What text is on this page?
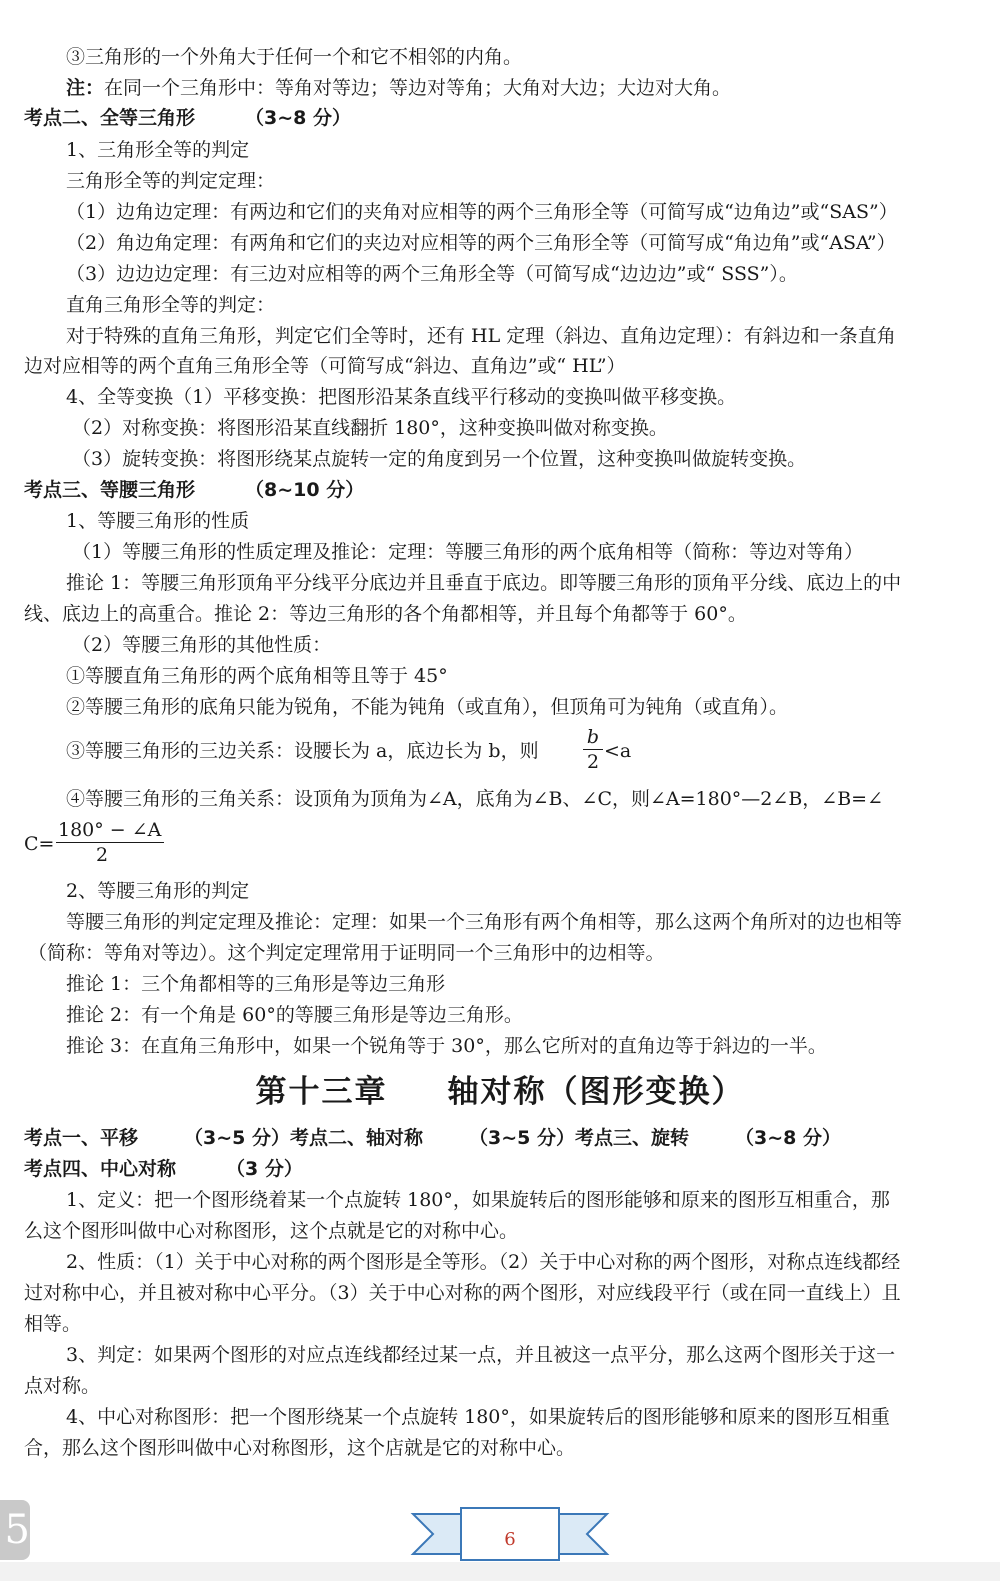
③三角形的一个外角大于任何一个和它不相邻的内角。
注：在同一个三角形中：等角对等边；等边对等角；大角对大边；大边对大角。
考点二、全等三角形	（3~8 分）
1、三角形全等的判定
三角形全等的判定定理：
（1）边角边定理：有两边和它们的夹角对应相等的两个三角形全等（可简写成“边角边”或“SAS”）
（2）角边角定理：有两角和它们的夹边对应相等的两个三角形全等（可简写成“角边角”或“ASA”）
（3）边边边定理：有三边对应相等的两个三角形全等（可简写成“边边边”或“ SSS”）。
直角三角形全等的判定：
对于特殊的直角三角形，判定它们全等时，还有 HL 定理（斜边、直角边定理）：有斜边和一条直角
边对应相等的两个直角三角形全等（可简写成“斜边、直角边”或“ HL”）
4、全等变换（1）平移变换：把图形沿某条直线平行移动的变换叫做平移变换。
（2）对称变换：将图形沿某直线翻折 180°，这种变换叫做对称变换。
（3）旋转变换：将图形绕某点旋转一定的角度到另一个位置，这种变换叫做旋转变换。
考点三、等腰三角形	（8~10 分）
1、等腰三角形的性质
（1）等腰三角形的性质定理及推论：定理：等腰三角形的两个底角相等（简称：等边对等角）
推论 1：等腰三角形顶角平分线平分底边并且垂直于底边。即等腰三角形的顶角平分线、底边上的中
线、底边上的高重合。推论 2：等边三角形的各个角都相等，并且每个角都等于 60°。
（2）等腰三角形的其他性质：
①等腰直角三角形的两个底角相等且等于 45°
②等腰三角形的底角只能为锐角，不能为钝角（或直角），但顶角可为钝角（或直角）。
③等腰三角形的三边关系：设腰长为 a，底边长为 b，则 $\frac{b}{2} <a$
④等腰三角形的三角关系：设顶角为顶角为∠A，底角为∠B、∠C，则∠A=180°—2∠B，∠B=∠
$C= \frac{180^\circ - \angle A}{2}$
2、等腰三角形的判定
等腰三角形的判定定理及推论：定理：如果一个三角形有两个角相等，那么这两个角所对的边也相等
（简称：等角对等边）。这个判定定理常用于证明同一个三角形中的边相等。
推论 1：三个角都相等的三角形是等边三角形
推论 2：有一个角是 60°的等腰三角形是等边三角形。
推论 3：在直角三角形中，如果一个锐角等于 30°，那么它所对的直角边等于斜边的一半。
第十三章 轴对称（图形变换）
考点一、平移 （3~5 分）考点二、轴对称 （3~5 分）考点三、旋转 （3~8 分）
考点四、中心对称	（3 分）
1、定义：把一个图形绕着某一个点旋转 180°，如果旋转后的图形能够和原来的图形互相重合，那
么这个图形叫做中心对称图形，这个点就是它的对称中心。
2、性质：（1）关于中心对称的两个图形是全等形。（2）关于中心对称的两个图形，对称点连线都经
过对称中心，并且被对称中心平分。（3）关于中心对称的两个图形，对应线段平行（或在同一直线上）且
相等。
3、判定：如果两个图形的对应点连线都经过某一点，并且被这一点平分，那么这两个图形关于这一
点对称。
4、中心对称图形：把一个图形绕某一个点旋转 180°，如果旋转后的图形能够和原来的图形互相重
合，那么这个图形叫做中心对称图形，这个店就是它的对称中心。
5	6
